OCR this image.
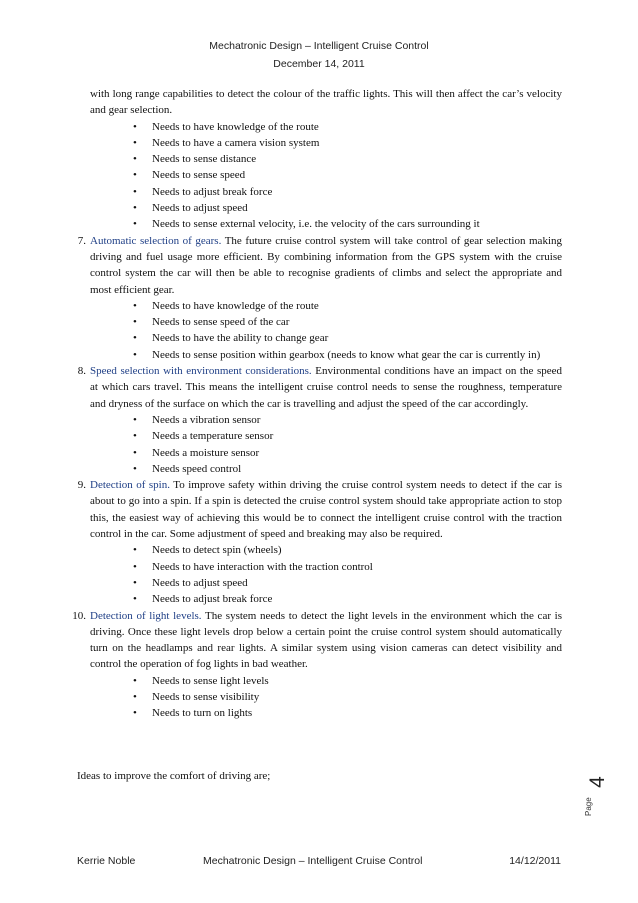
Mechatronic Design – Intelligent Cruise Control
December 14, 2011

with long range capabilities to detect the colour of the traffic lights. This will then affect the car’s velocity and gear selection.

• Needs to have knowledge of the route
• Needs to have a camera vision system
• Needs to sense distance
• Needs to sense speed
• Needs to adjust break force
• Needs to adjust speed
• Needs to sense external velocity, i.e. the velocity of the cars surrounding it
7. Automatic selection of gears. The future cruise control system will take control of gear selection making driving and fuel usage more efficient. By combining information from the GPS system with the cruise control system the car will then be able to recognise gradients of climbs and select the appropriate and most efficient gear.

• Needs to have knowledge of the route
• Needs to sense speed of the car
• Needs to have the ability to change gear
• Needs to sense position within gearbox (needs to know what gear the car is currently in)
8. Speed selection with environment considerations. Environmental conditions have an impact on the speed at which cars travel. This means the intelligent cruise control needs to sense the roughness, temperature and dryness of the surface on which the car is travelling and adjust the speed of the car accordingly.

• Needs a vibration sensor
• Needs a temperature sensor
• Needs a moisture sensor
• Needs speed control
9. Detection of spin. To improve safety within driving the cruise control system needs to detect if the car is about to go into a spin. If a spin is detected the cruise control system should take appropriate action to stop this, the easiest way of achieving this would be to connect the intelligent cruise control with the traction control in the car. Some adjustment of speed and breaking may also be required.

• Needs to detect spin (wheels)
• Needs to have interaction with the traction control
• Needs to adjust speed
• Needs to adjust break force
10. Detection of light levels. The system needs to detect the light levels in the environment which the car is driving. Once these light levels drop below a certain point the cruise control system should automatically turn on the headlamps and rear lights. A similar system using vision cameras can detect visibility and control the operation of fog lights in bad weather.

• Needs to sense light levels
• Needs to sense visibility
• Needs to turn on lights
Ideas to improve the comfort of driving are;
Page
4
Kerrie Noble	Mechatronic Design – Intelligent Cruise Control	14/12/2011
